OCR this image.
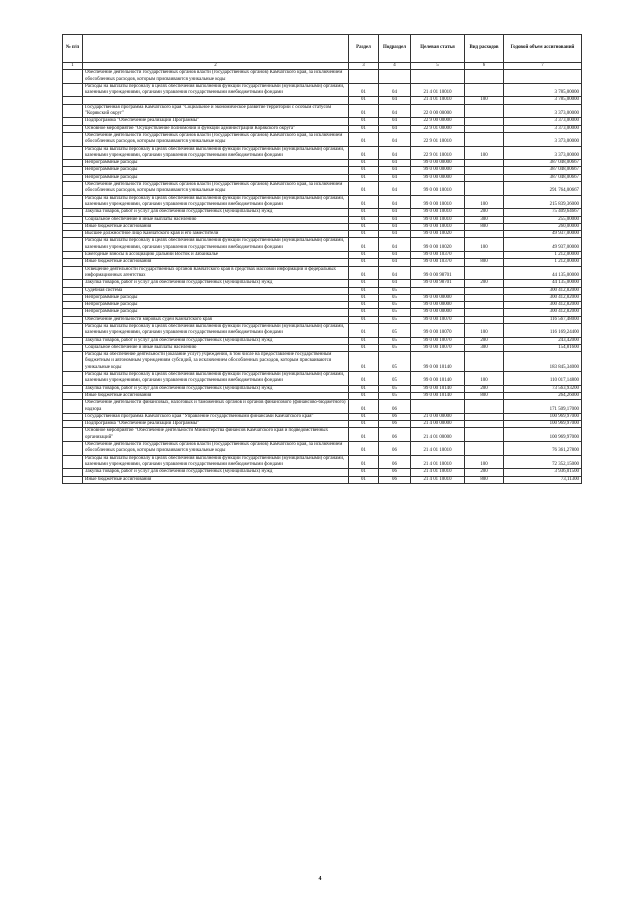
№ п/п		Раздел	Подраздел	Целевая статья	Вид расходов	Годовой объем ассигнований
1	2	3	4	5	6	7
	Обеспечение деятельности государственных органов власти (государственных органов) Камчатского края, за исключением обособленных расходов, которым присваиваются уникальные коды					
	Расходы на выплаты персоналу в целях обеспечения выполнения функций государственными (муниципальными) органами, казенными учреждениями, органами управления государственными внебюджетными фондами	01	04	21 4 01 10010		3 785,00000
		01	04	21 4 01 10010	100	3 785,00000
	Государственная программа Камчатского края "Социальное и экономическое развитие территории с особым статусом "Корякский округ"	01	04	22 0 00 00000		3 373,00000
	Подпрограмма "Обеспечение реализации Программы"	01	04	22 9 00 00000		3 373,00000
	Основное мероприятие "Осуществление полномочий и функций администрации Корякского округа"	01	04	22 9 01 00000		3 373,00000
	Обеспечение деятельности государственных органов власти (государственных органов) Камчатского края, за исключением обособленных расходов, которым присваиваются уникальные коды	01	04	22 9 01 10010		3 373,00000
	Расходы на выплаты персоналу в целях обеспечения выполнения функций государственными (муниципальными) органами, казенными учреждениями, органами управления государственными внебюджетными фондами	01	04	22 9 01 10010	100	3 373,00000
	Непрограммные расходы	01	04	99 0 00 00000		387 048,00667
	Непрограммные расходы	01	04	99 0 00 00000		387 048,00667
	Непрограммные расходы	01	04	99 0 00 00000		387 048,00667
	Обеспечение деятельности государственных органов власти (государственных органов) Камчатского края, за исключением обособленных расходов, которым присваиваются уникальные коды	01	04	99 0 00 10010		291 764,00667
	Расходы на выплаты персоналу в целях обеспечения выполнения функций государственными (муниципальными) органами, казенными учреждениями, органами управления государственными внебюджетными фондами	01	04	99 0 00 10010	100	215 839,36000
	Закупка товаров, работ и услуг для обеспечения государственных (муниципальных) нужд	01	04	99 0 00 10010	200	75 409,64667
	Социальное обеспечение и иные выплаты населению	01	04	99 0 00 10010	300	255,00000
	Иные бюджетные ассигнования	01	04	99 0 00 10010	800	260,00000
	Высшее должностное лицо Камчатского края и его заместители	01	04	99 0 00 10020		49 937,00000
	Расходы на выплаты персоналу в целях обеспечения выполнения функций государственными (муниципальными) органами, казенными учреждениями, органами управления государственными внебюджетными фондами	01	04	99 0 00 10020	100	49 937,00000
	Ежегодные взносы в ассоциацию Дальний Восток и Забайкалье	01	04	99 0 00 10370		1 212,00000
	Иные бюджетные ассигнования	01	04	99 0 00 10370	800	1 212,00000
	Освещение деятельности государственных органов Камчатского края в средствах массовой информации и федеральных информационных агентствах	01	04	99 0 00 98701		44 135,00000
	Закупка товаров, работ и услуг для обеспечения государственных (муниципальных) нужд	01	04	99 0 00 98701	200	44 135,00000
	Судебная система	01	05			300 412,82000
	Непрограммные расходы	01	05	99 0 00 00000		300 412,82000
	Непрограммные расходы	01	05	99 0 00 00000		300 412,82000
	Непрограммные расходы	01	05	99 0 00 00000		300 412,82000
	Обеспечение деятельности мировых судей Камчатского края	01	05	99 0 00 10070		116 567,48000
	Расходы на выплаты персоналу в целях обеспечения выполнения функций государственными (муниципальными) органами, казенными учреждениями, органами управления государственными внебюджетными фондами	01	05	99 0 00 10070	100	116 169,24400
	Закупка товаров, работ и услуг для обеспечения государственных (муниципальных) нужд	01	05	99 0 00 10070	200	243,42000
	Социальное обеспечение и иные выплаты населению	01	05	99 0 00 10070	300	154,81600
	Расходы на обеспечение деятельности (оказание услуг) учреждений, в том числе на предоставление государственным бюджетным и автономным учреждениям субсидий, за исключением обособленных расходов, которым присваиваются уникальные коды	01	05	99 0 00 10140		183 845,34000
	Расходы на выплаты персоналу в целях обеспечения выполнения функций государственными (муниципальными) органами, казенными учреждениями, органами управления государственными внебюджетными фондами	01	05	99 0 00 10140	100	110 017,14800
	Закупка товаров, работ и услуг для обеспечения государственных (муниципальных) нужд	01	05	99 0 00 10140	200	73 563,93200
	Иные бюджетные ассигнования	01	05	99 0 00 10140	800	264,26000
	Обеспечение деятельности финансовых, налоговых и таможенных органов и органов финансового (финансово-бюджетного) надзора	01	06			171 509,17000
	Государственная программа Камчатского края "Управление государственными финансами Камчатского края"	01	06	21 0 00 00000		100 969,97000
	Подпрограмма "Обеспечение реализации Программы"	01	06	21 4 00 00000		100 969,97000
	Основное мероприятие "Обеспечение деятельности Министерства финансов Камчатского края и подведомственных организаций"	01	06	21 4 01 00000		100 969,97000
	Обеспечение деятельности государственных органов власти (государственных органов) Камчатского края, за исключением обособленных расходов, которым присваиваются уникальные коды	01	06	21 4 01 10010		76 361,27800
	Расходы на выплаты персоналу в целях обеспечения выполнения функций государственными (муниципальными) органами, казенными учреждениями, органами управления государственными внебюджетными фондами	01	06	21 4 01 10010	100	72 352,15000
	Закупка товаров, работ и услуг для обеспечения государственных (муниципальных) нужд	01	06	21 4 01 10010	200	3 936,01500
	Иные бюджетные ассигнования	01	06	21 4 01 10010	800	73,11300
4
